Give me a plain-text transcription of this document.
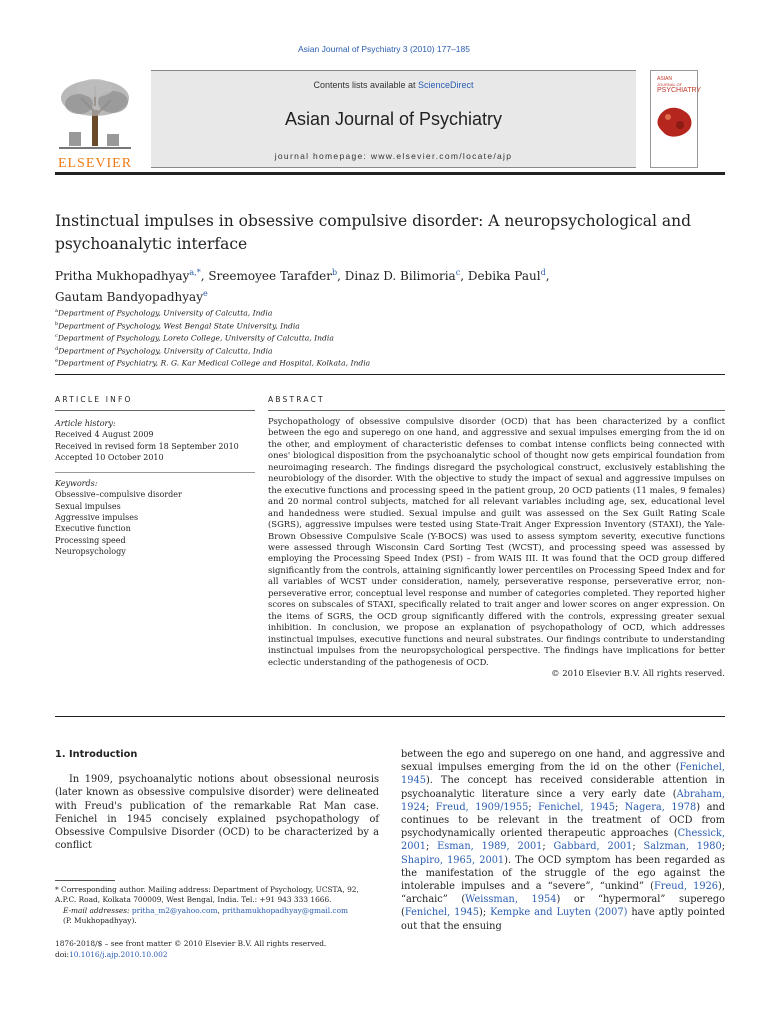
Asian Journal of Psychiatry 3 (2010) 177–185
ELSEVIER
Contents lists available at ScienceDirect
Asian Journal of Psychiatry
journal homepage: www.elsevier.com/locate/ajp
ASIAN
JOURNAL OF
PSYCHIATRY
Instinctual impulses in obsessive compulsive disorder: A neuropsychological and psychoanalytic interface
Pritha Mukhopadhyay$^{a,*}$, Sreemoyee Tarafder$^b$, Dinaz D. Bilimoria$^c$, Debika Paul$^d$,
Gautam Bandyopadhyay$^e$
$^a$Department of Psychology, University of Calcutta, India
$^b$Department of Psychology, West Bengal State University, India
$^c$Department of Psychology, Loreto College, University of Calcutta, India
$^d$Department of Psychology, University of Calcutta, India
$^e$Department of Psychiatry, R. G. Kar Medical College and Hospital, Kolkata, India
ARTICLE INFO	ABSTRACT
Article history:
Received 4 August 2009
Received in revised form 18 September 2010
Accepted 10 October 2010
Keywords:
Obsessive–compulsive disorder
Sexual impulses
Aggressive impulses
Executive function
Processing speed
Neuropsychology
Psychopathology of obsessive compulsive disorder (OCD) that has been characterized by a conflict between the ego and superego on one hand, and aggressive and sexual impulses emerging from the id on the other, and employment of characteristic defenses to combat intense conflicts being connected with ones' biological disposition from the psychoanalytic school of thought now gets empirical foundation from neuroimaging research. The findings disregard the psychological construct, exclusively establishing the neurobiology of the disorder. With the objective to study the impact of sexual and aggressive impulses on the executive functions and processing speed in the patient group, 20 OCD patients (11 males, 9 females) and 20 normal control subjects, matched for all relevant variables including age, sex, educational level and handedness were studied. Sexual impulse and guilt was assessed on the Sex Guilt Rating Scale (SGRS), aggressive impulses were tested using State-Trait Anger Expression Inventory (STAXI), the Yale-Brown Obsessive Compulsive Scale (Y-BOCS) was used to assess symptom severity, executive functions were assessed through Wisconsin Card Sorting Test (WCST), and processing speed was assessed by employing the Processing Speed Index (PSI) – from WAIS III. It was found that the OCD group differed significantly from the controls, attaining significantly lower percentiles on Processing Speed Index and for all variables of WCST under consideration, namely, perseverative response, perseverative error, non-perseverative error, conceptual level response and number of categories completed. They reported higher scores on subscales of STAXI, specifically related to trait anger and lower scores on anger expression. On the items of SGRS, the OCD group significantly differed with the controls, expressing greater sexual inhibition. In conclusion, we propose an explanation of psychopathology of OCD, which addresses instinctual impulses, executive functions and neural substrates. Our findings contribute to understanding instinctual impulses from the neuropsychological perspective. The findings have implications for better eclectic understanding of the pathogenesis of OCD.
© 2010 Elsevier B.V. All rights reserved.
1. Introduction

In 1909, psychoanalytic notions about obsessional neurosis (later known as obsessive compulsive disorder) were delineated with Freud's publication of the remarkable Rat Man case. Fenichel in 1945 concisely explained psychopathology of Obsessive Compulsive Disorder (OCD) to be characterized by a conflict

* Corresponding author. Mailing address: Department of Psychology, UCSTA, 92, A.P.C. Road, Kolkata 700009, West Bengal, India. Tel.: +91 943 333 1666.
E-mail addresses: pritha_m2@yahoo.com, prithamukhopadhyay@gmail.com
(P. Mukhopadhyay).
1876-2018/$ – see front matter © 2010 Elsevier B.V. All rights reserved.
doi:10.1016/j.ajp.2010.10.002

between the ego and superego on one hand, and aggressive and sexual impulses emerging from the id on the other (Fenichel, 1945). The concept has received considerable attention in psychoanalytic literature since a very early date (Abraham, 1924; Freud, 1909/1955; Fenichel, 1945; Nagera, 1978) and continues to be relevant in the treatment of OCD from psychodynamically oriented therapeutic approaches (Chessick, 2001; Esman, 1989, 2001; Gabbard, 2001; Salzman, 1980; Shapiro, 1965, 2001). The OCD symptom has been regarded as the manifestation of the struggle of the ego against the intolerable impulses and a “severe”, “unkind” (Freud, 1926), “archaic” (Weissman, 1954) or “hypermoral” superego (Fenichel, 1945); Kempke and Luyten (2007) have aptly pointed out that the ensuing
